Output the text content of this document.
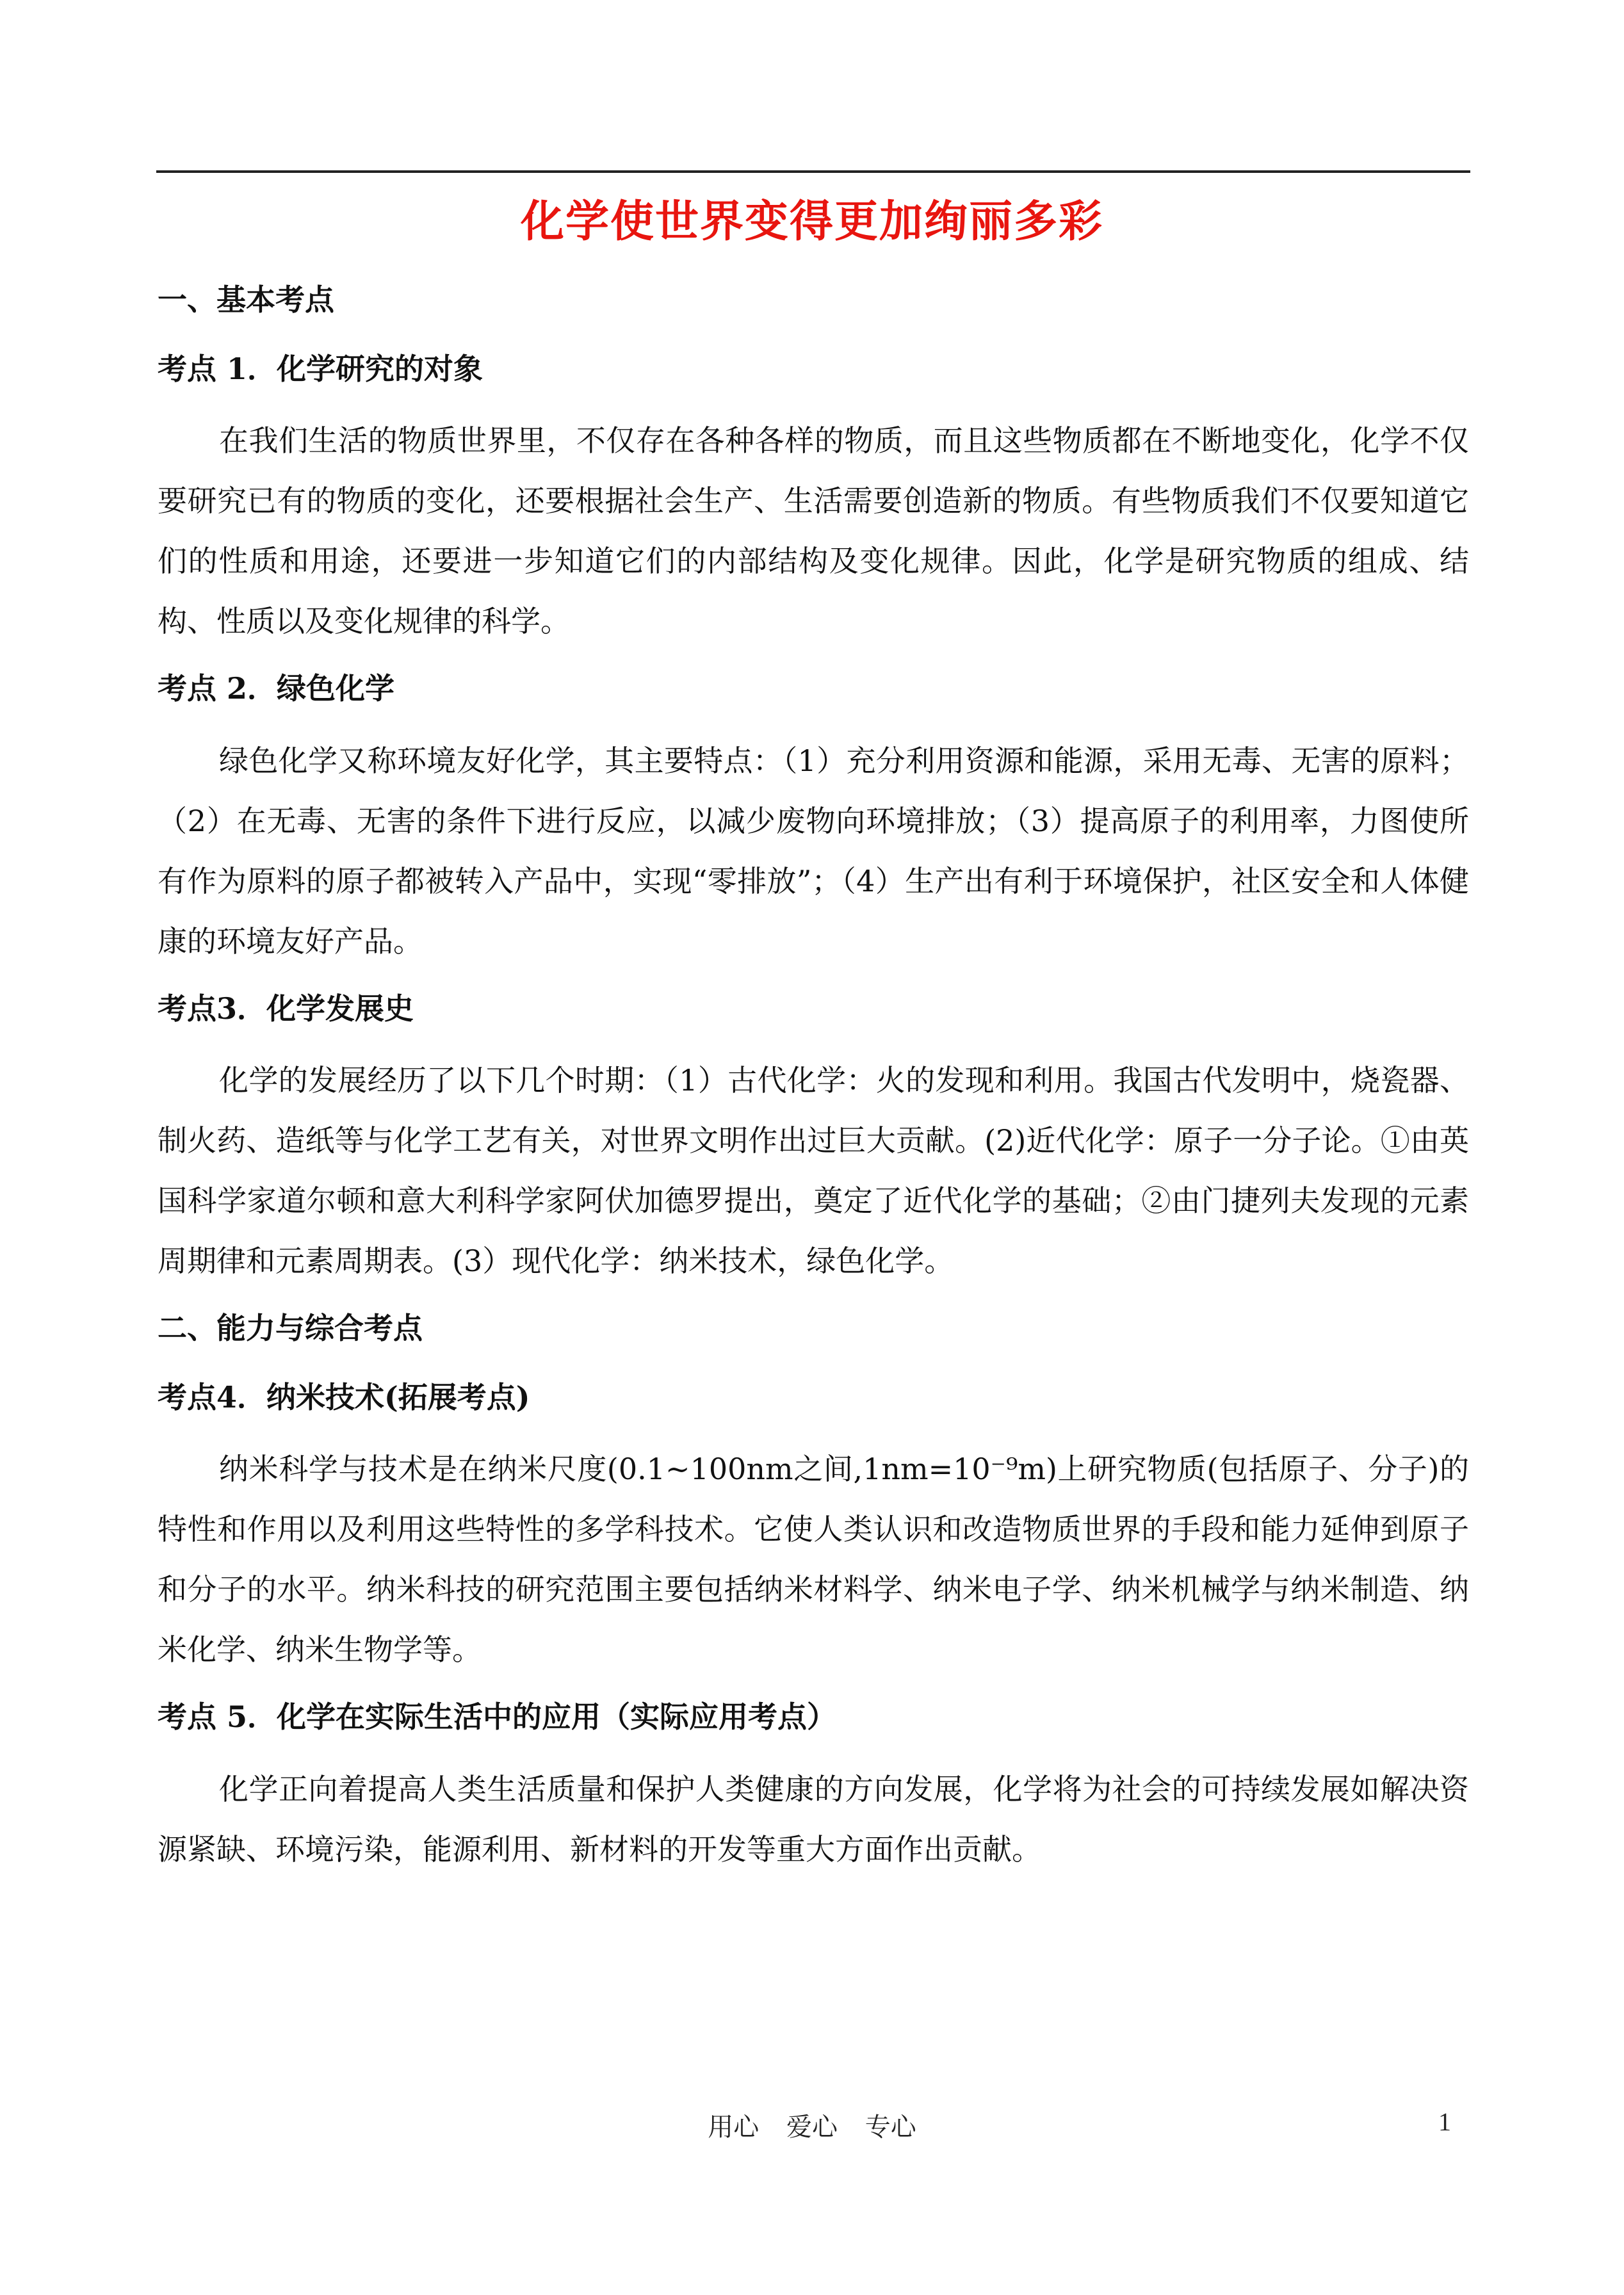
化学使世界变得更加绚丽多彩
一、基本考点
考点 1．化学研究的对象

在我们生活的物质世界里，不仅存在各种各样的物质，而且这些物质都在不断地变化，化学不仅要研究已有的物质的变化，还要根据社会生产、生活需要创造新的物质。有些物质我们不仅要知道它们的性质和用途，还要进一步知道它们的内部结构及变化规律。因此，化学是研究物质的组成、结构、性质以及变化规律的科学。

考点 2．绿色化学

绿色化学又称环境友好化学，其主要特点：（1）充分利用资源和能源，采用无毒、无害的原料；（2）在无毒、无害的条件下进行反应，以减少废物向环境排放；（3）提高原子的利用率，力图使所有作为原料的原子都被转入产品中，实现“零排放”；（4）生产出有利于环境保护，社区安全和人体健康的环境友好产品。

考点3．化学发展史

化学的发展经历了以下几个时期：（1）古代化学：火的发现和利用。我国古代发明中，烧瓷器、制火药、造纸等与化学工艺有关，对世界文明作出过巨大贡献。(2)近代化学：原子一分子论。①由英国科学家道尔顿和意大利科学家阿伏加德罗提出，奠定了近代化学的基础；②由门捷列夫发现的元素周期律和元素周期表。(3）现代化学：纳米技术，绿色化学。

二、能力与综合考点
考点4．纳米技术(拓展考点)

纳米科学与技术是在纳米尺度(0.1~100nm之间,1nm=10⁻⁹m)上研究物质(包括原子、分子)的特性和作用以及利用这些特性的多学科技术。它使人类认识和改造物质世界的手段和能力延伸到原子和分子的水平。纳米科技的研究范围主要包括纳米材料学、纳米电子学、纳米机械学与纳米制造、纳米化学、纳米生物学等。

考点 5．化学在实际生活中的应用（实际应用考点）

化学正向着提高人类生活质量和保护人类健康的方向发展，化学将为社会的可持续发展如解决资源紧缺、环境污染，能源利用、新材料的开发等重大方面作出贡献。

用心 爱心 专心	1
